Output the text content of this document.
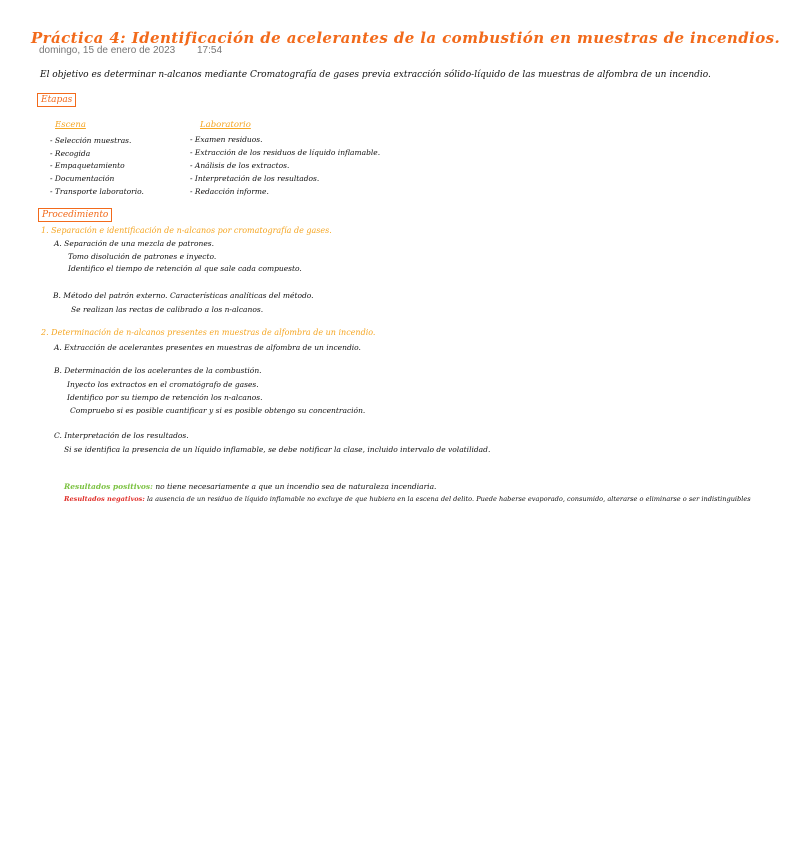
Práctica 4: Identificación de acelerantes de la combustión en muestras de incendios.
domingo, 15 de enero de 2023 17:54
El objetivo es determinar n-alcanos mediante Cromatografía de gases previa extracción sólido-líquido de las muestras de alfombra de un incendio.
Etapas
Escena
- Selección muestras.
- Recogida
- Empaquetamiento
- Documentación
- Transporte laboratorio.
Laboratorio
- Examen residuos.
- Extracción de los residuos de líquido inflamable.
- Análisis de los extractos.
- Interpretación de los resultados.
- Redacción informe.
Procedimiento
1. Separación e identificación de n-alcanos por cromatografía de gases.
A. Separación de una mezcla de patrones.
Tomo disolución de patrones e inyecto.
Identifico el tiempo de retención al que sale cada compuesto.
B. Método del patrón externo. Características analíticas del método.
Se realizan las rectas de calibrado a los n-alcanos.
2. Determinación de n-alcanos presentes en muestras de alfombra de un incendio.
A. Extracción de acelerantes presentes en muestras de alfombra de un incendio.
B. Determinación de los acelerantes de la combustión.
Inyecto los extractos en el cromatógrafo de gases.
Identifico por su tiempo de retención los n-alcanos.
Compruebo si es posible cuantificar y si es posible obtengo su concentración.
C. Interpretación de los resultados.
Si se identifica la presencia de un líquido inflamable, se debe notificar la clase, incluido intervalo de volatilidad.
Resultados positivos: no tiene necesariamente a que un incendio sea de naturaleza incendiaria.
Resultados negativos: la ausencia de un residuo de líquido inflamable no excluye de que hubiera en la escena del delito. Puede haberse evaporado, consumido, alterarse o eliminarse o ser indistinguibles
